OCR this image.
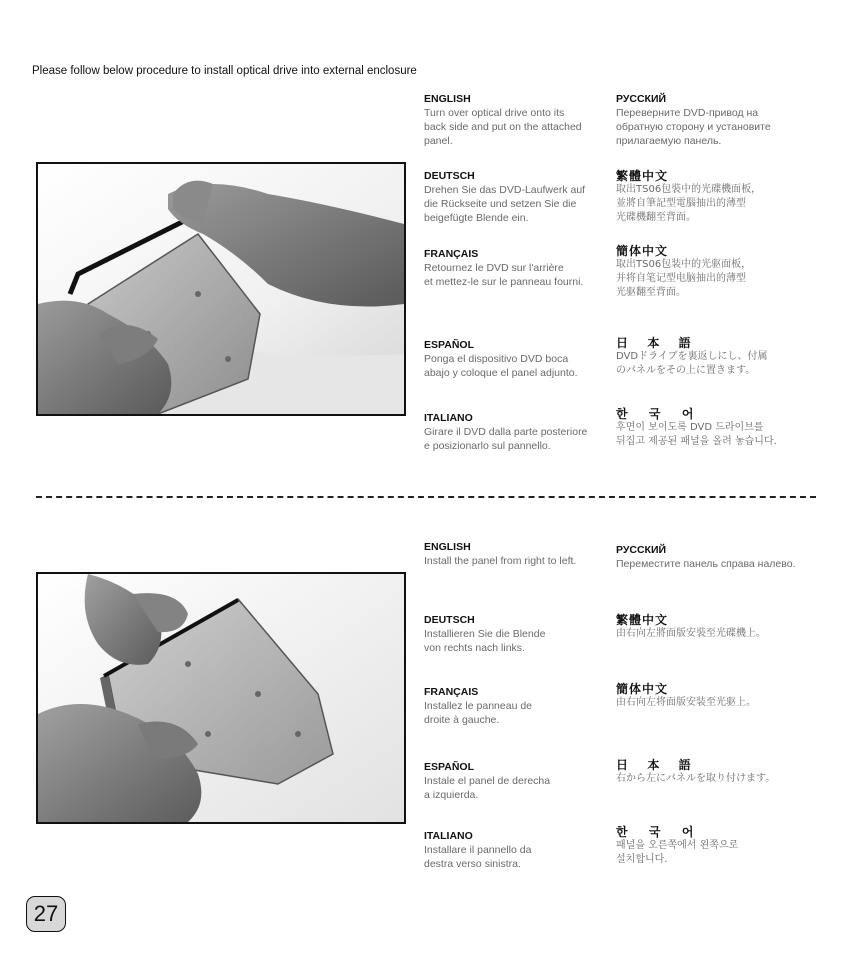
Please follow below procedure to install optical drive into external enclosure
ENGLISH
Turn over optical drive onto its
back side and put on the attached
panel.
DEUTSCH
Drehen Sie das DVD-Laufwerk auf
die Rückseite und setzen Sie die
beigefügte Blende ein.
FRANÇAIS
Retournez le DVD sur l'arrière
et mettez-le sur le panneau fourni.
ESPAÑOL
Ponga el dispositivo DVD boca
abajo y coloque el panel adjunto.
ITALIANO
Girare il DVD dalla parte posteriore
e posizionarlo sul pannello.
РУССКИЙ
Переверните DVD-привод на
обратную сторону и установите
прилагаемую панель.
繁體中文
取出TS06包裝中的光碟機面板，
並將自筆記型電腦抽出的薄型
光碟機翻至背面。
簡体中文
取出TS06包装中的光驱面板，
并将自笔记型电脑抽出的薄型
光驱翻至背面。
日 本 語
DVDドライブを裏返しにし、付属
のパネルをその上に置きます。
한 국 어
후면이 보이도록 DVD 드라이브를
뒤집고 제공된 패널을 올려 놓습니다.
ENGLISH
Install the panel from right to left.
DEUTSCH
Installieren Sie die Blende
von rechts nach links.
FRANÇAIS
Installez le panneau de
droite à gauche.
ESPAÑOL
Instale el panel de derecha
a izquierda.
ITALIANO
Installare il pannello da
destra verso sinistra.
РУССКИЙ
Переместите панель справа налево.
繁體中文
由右向左將面版安裝至光碟機上。
簡体中文
由右向左将面版安装至光驱上。
日 本 語
右から左にパネルを取り付けます。
한 국 어
패널을 오른쪽에서 왼쪽으로
설치합니다.
27
